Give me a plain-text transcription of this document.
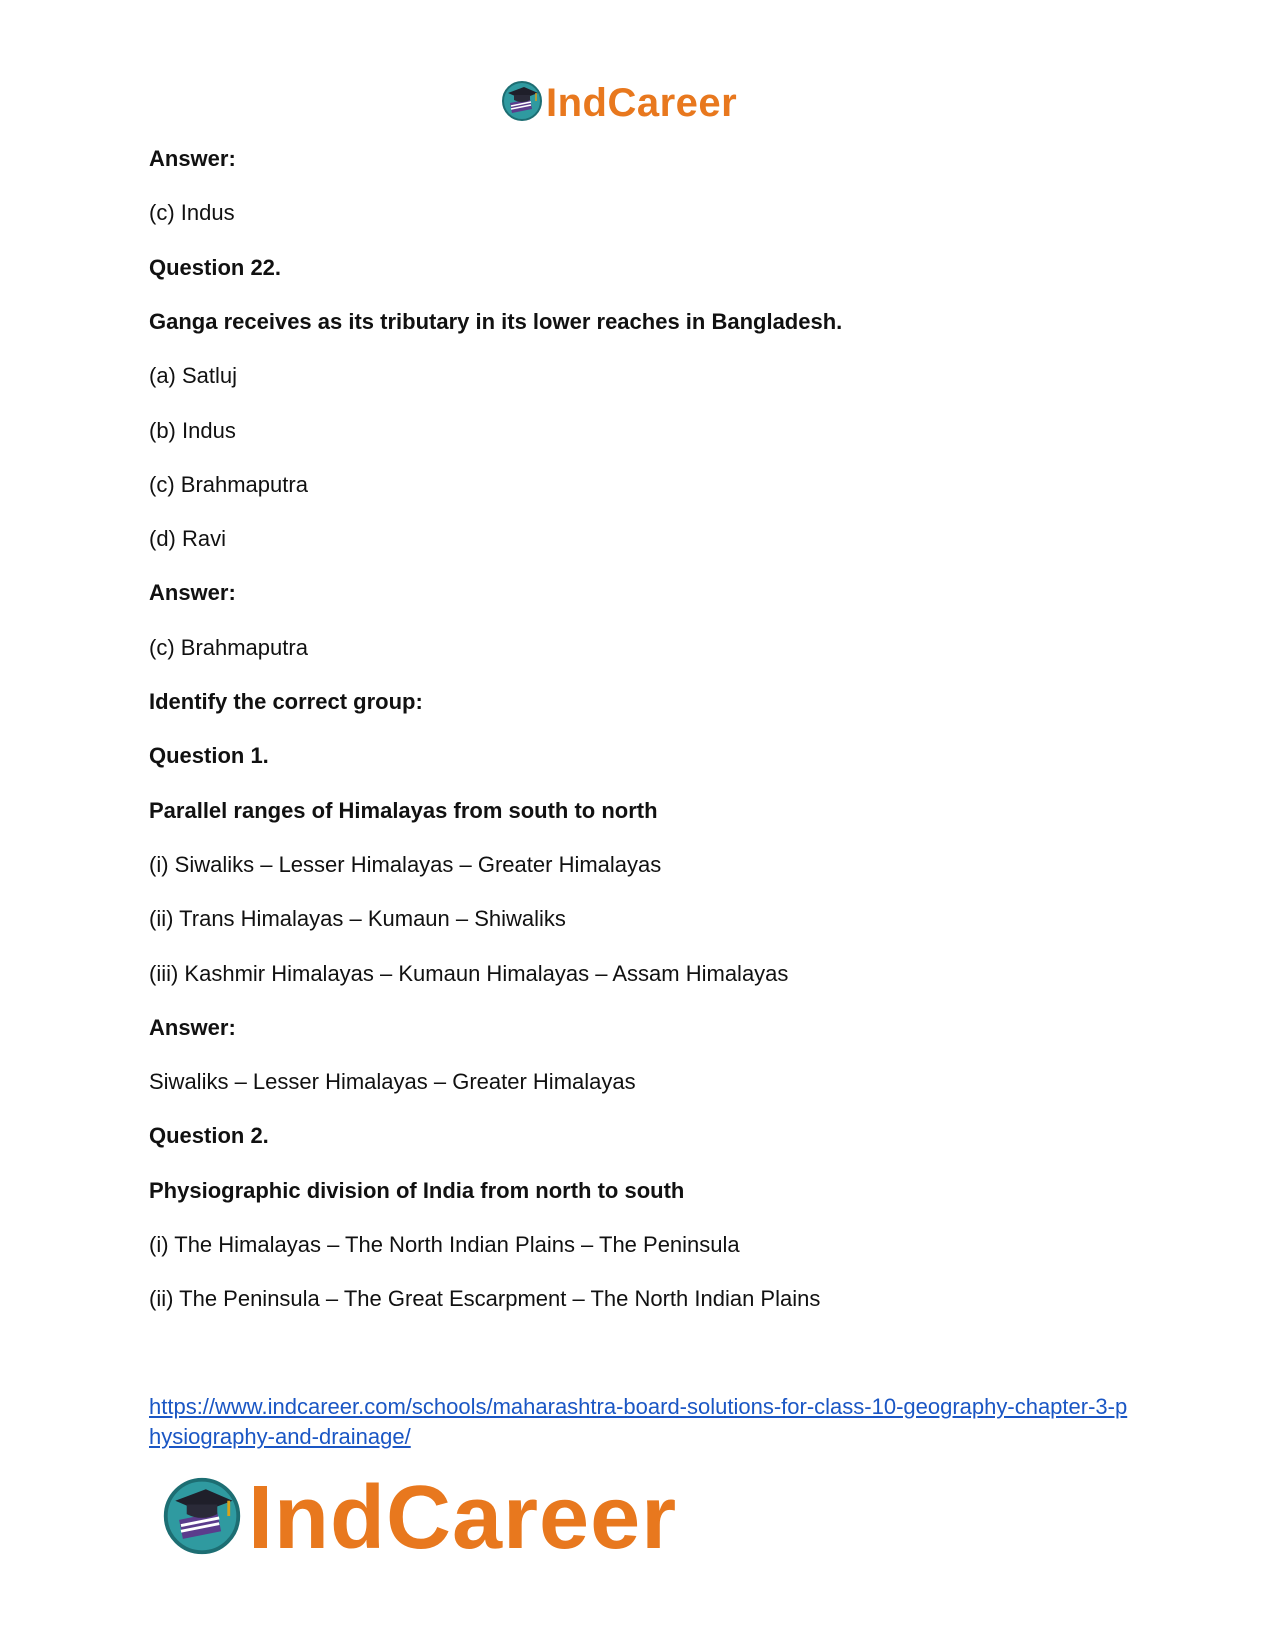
IndCareer
Answer:
(c) Indus
Question 22.
Ganga receives as its tributary in its lower reaches in Bangladesh.
(a) Satluj
(b) Indus
(c) Brahmaputra
(d) Ravi
Answer:
(c) Brahmaputra
Identify the correct group:
Question 1.
Parallel ranges of Himalayas from south to north
(i) Siwaliks – Lesser Himalayas – Greater Himalayas
(ii) Trans Himalayas – Kumaun – Shiwaliks
(iii) Kashmir Himalayas – Kumaun Himalayas – Assam Himalayas
Answer:
Siwaliks – Lesser Himalayas – Greater Himalayas
Question 2.
Physiographic division of India from north to south
(i) The Himalayas – The North Indian Plains – The Peninsula
(ii) The Peninsula – The Great Escarpment – The North Indian Plains
https://www.indcareer.com/schools/maharashtra-board-solutions-for-class-10-geography-chapter-3-physiography-and-drainage/
IndCareer
